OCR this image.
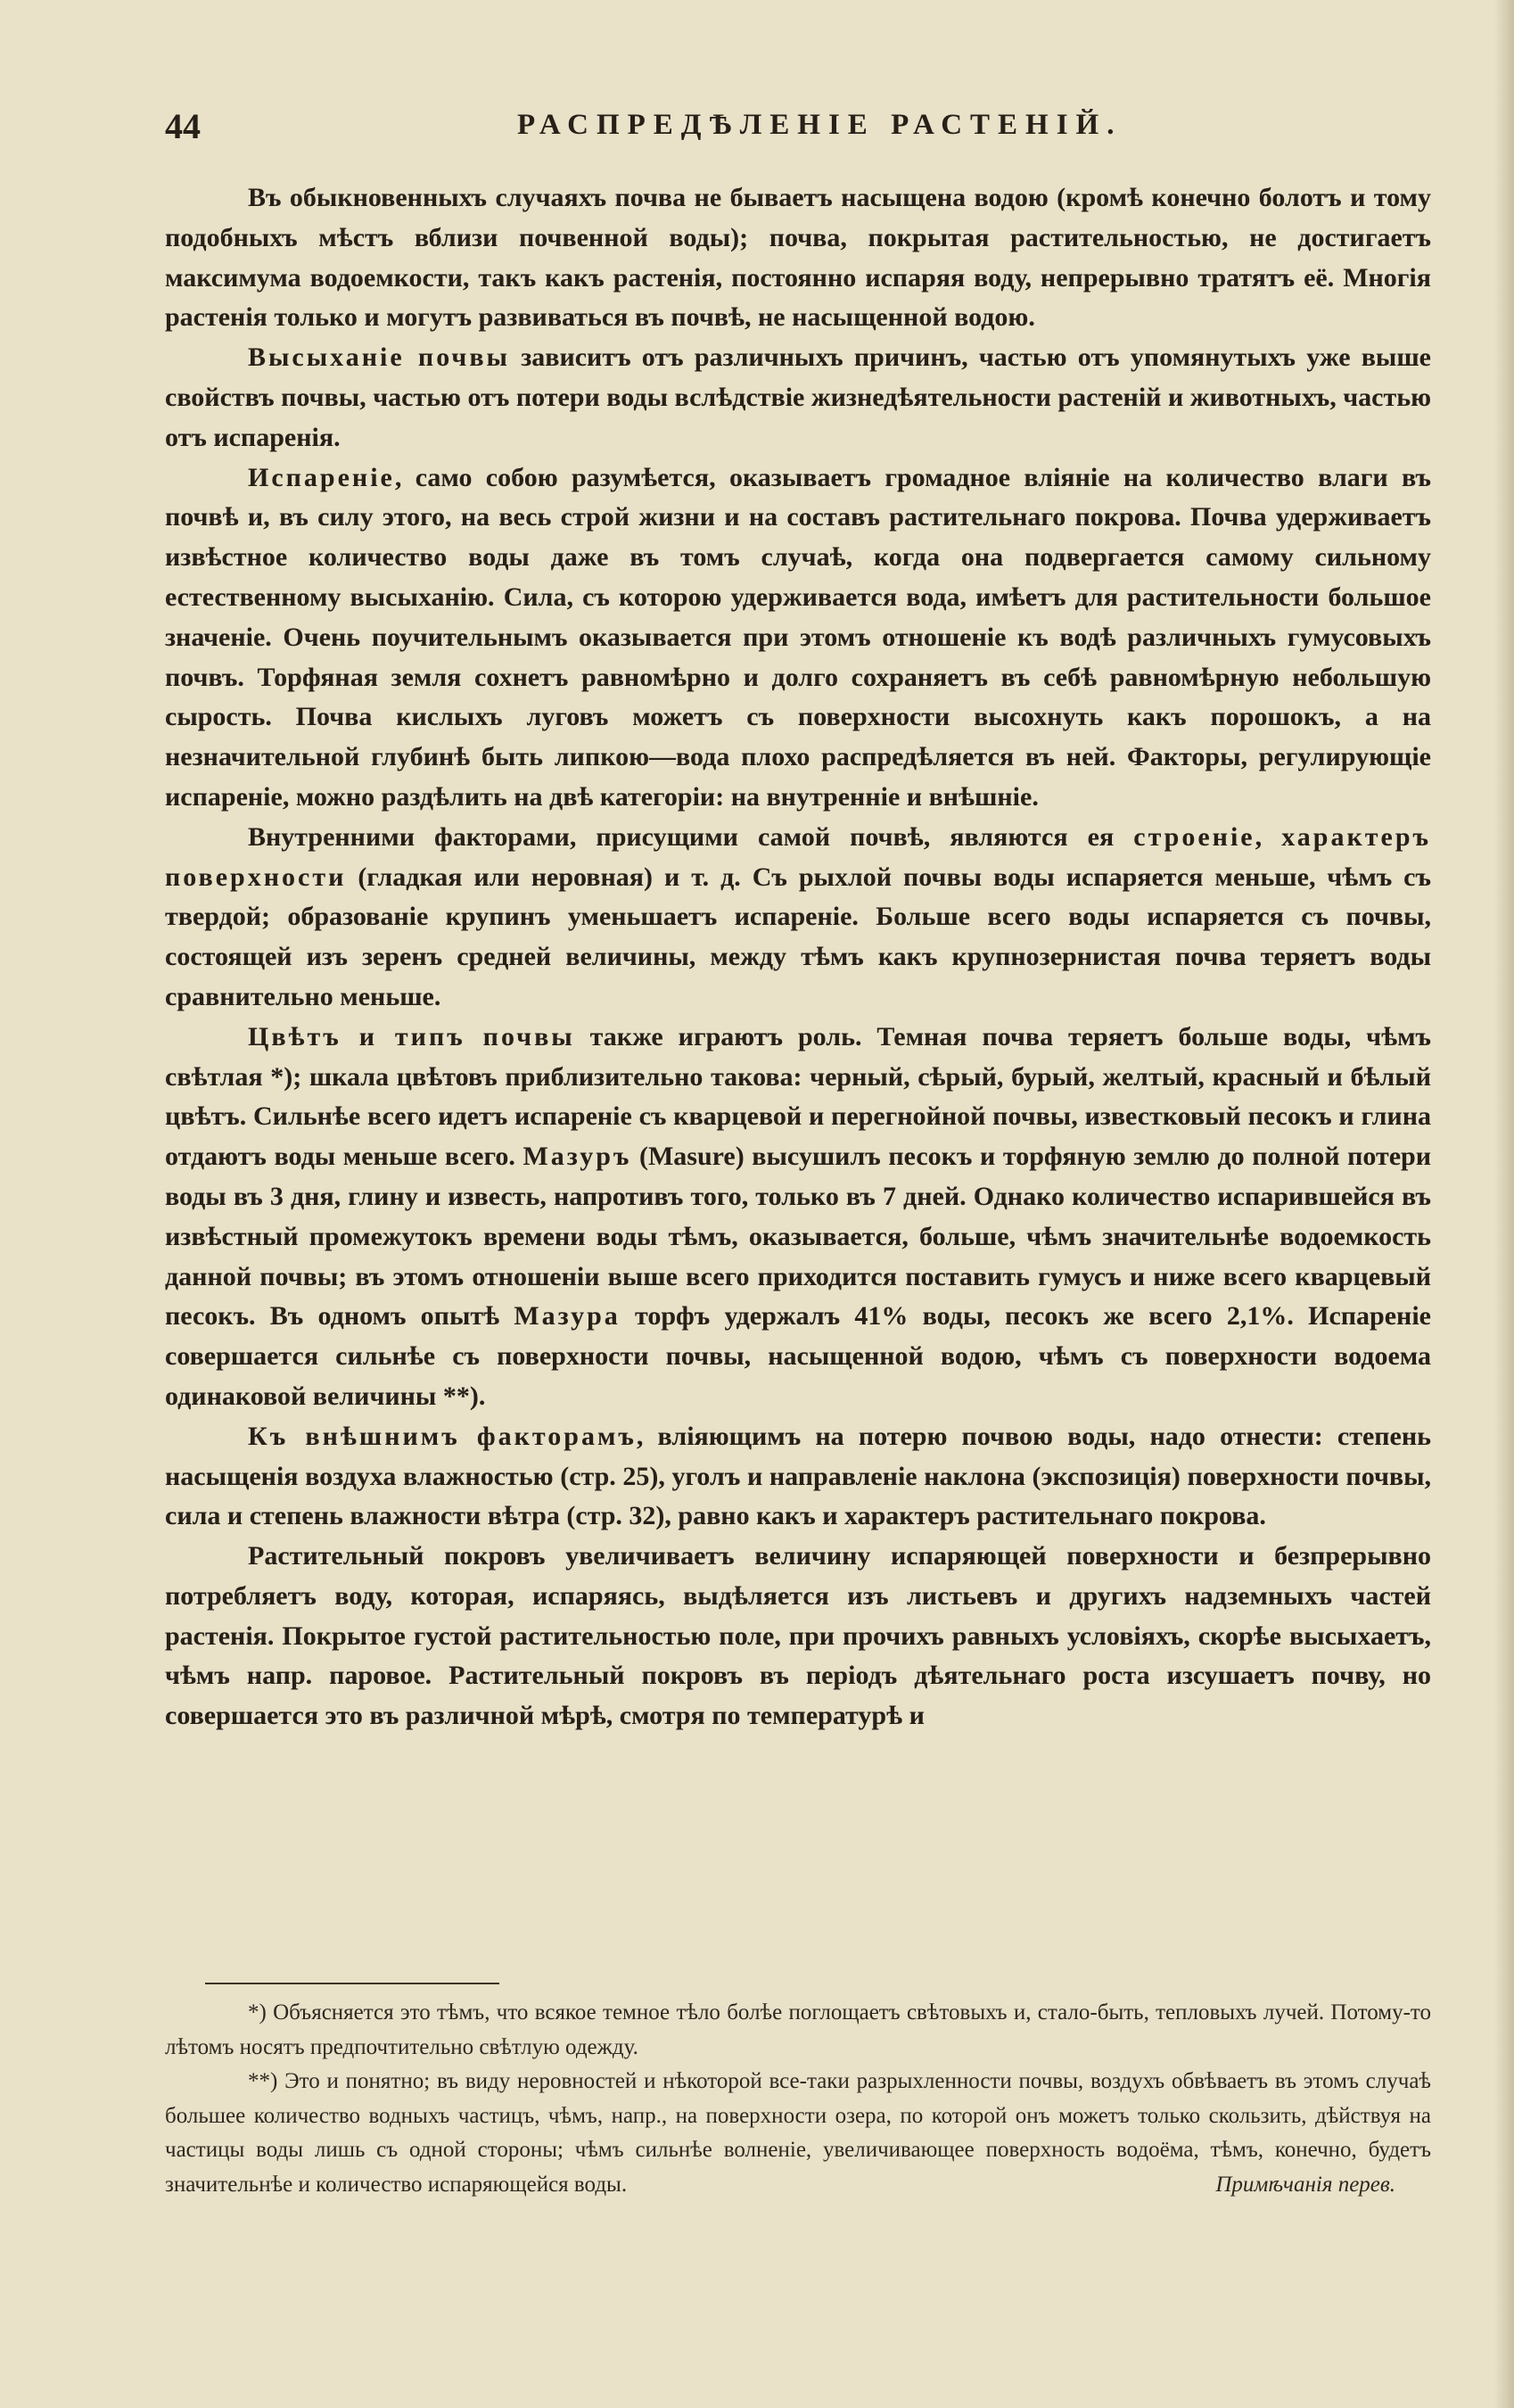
44	РАСПРЕДѢЛЕНІЕ РАСТЕНІЙ.

Въ обыкновенныхъ случаяхъ почва не бываетъ насыщена водою (кромѣ конечно болотъ и тому подобныхъ мѣстъ вблизи почвенной воды); почва, покрытая растительностью, не достигаетъ максимума водоемкости, такъ какъ растенія, постоянно испаряя воду, непрерывно тратятъ её. Многія растенія только и могутъ развиваться въ почвѣ, не насыщенной водою.

Высыханіе почвы зависитъ отъ различныхъ причинъ, частью отъ упомянутыхъ уже выше свойствъ почвы, частью отъ потери воды вслѣдствіе жизнедѣятельности растеній и животныхъ, частью отъ испаренія.

Испареніе, само собою разумѣется, оказываетъ громадное вліяніе на количество влаги въ почвѣ и, въ силу этого, на весь строй жизни и на составъ растительнаго покрова. Почва удерживаетъ извѣстное количество воды даже въ томъ случаѣ, когда она подвергается самому сильному естественному высыханію. Сила, съ которою удерживается вода, имѣетъ для растительности большое значеніе. Очень поучительнымъ оказывается при этомъ отношеніе къ водѣ различныхъ гумусовыхъ почвъ. Торфяная земля сохнетъ равномѣрно и долго сохраняетъ въ себѣ равномѣрную небольшую сырость. Почва кислыхъ луговъ можетъ съ поверхности высохнуть какъ порошокъ, а на незначительной глубинѣ быть липкою—вода плохо распредѣляется въ ней. Факторы, регулирующіе испареніе, можно раздѣлить на двѣ категоріи: на внутренніе и внѣшніе.

Внутренними факторами, присущими самой почвѣ, являются ея строеніе, характеръ поверхности (гладкая или неровная) и т. д. Съ рыхлой почвы воды испаряется меньше, чѣмъ съ твердой; образованіе крупинъ уменьшаетъ испареніе. Больше всего воды испаряется съ почвы, состоящей изъ зеренъ средней величины, между тѣмъ какъ крупнозернистая почва теряетъ воды сравнительно меньше.

Цвѣтъ и типъ почвы также играютъ роль. Темная почва теряетъ больше воды, чѣмъ свѣтлая *); шкала цвѣтовъ приблизительно такова: черный, сѣрый, бурый, желтый, красный и бѣлый цвѣтъ. Сильнѣе всего идетъ испареніе съ кварцевой и перегнойной почвы, известковый песокъ и глина отдаютъ воды меньше всего. Мазуръ (Masure) высушилъ песокъ и торфяную землю до полной потери воды въ 3 дня, глину и известь, напротивъ того, только въ 7 дней. Однако количество испарившейся въ извѣстный промежутокъ времени воды тѣмъ, оказывается, больше, чѣмъ значительнѣе водоемкость данной почвы; въ этомъ отношеніи выше всего приходится поставить гумусъ и ниже всего кварцевый песокъ. Въ одномъ опытѣ Мазура торфъ удержалъ 41% воды, песокъ же всего 2,1%. Испареніе совершается сильнѣе съ поверхности почвы, насыщенной водою, чѣмъ съ поверхности водоема одинаковой величины **).

Къ внѣшнимъ факторамъ, вліяющимъ на потерю почвою воды, надо отнести: степень насыщенія воздуха влажностью (стр. 25), уголъ и направленіе наклона (экспозиція) поверхности почвы, сила и степень влажности вѣтра (стр. 32), равно какъ и характеръ растительнаго покрова.

Растительный покровъ увеличиваетъ величину испаряющей поверхности и безпрерывно потребляетъ воду, которая, испаряясь, выдѣляется изъ листьевъ и другихъ надземныхъ частей растенія. Покрытое густой растительностью поле, при прочихъ равныхъ условіяхъ, скорѣе высыхаетъ, чѣмъ напр. паровое. Растительный покровъ въ періодъ дѣятельнаго роста изсушаетъ почву, но совершается это въ различной мѣрѣ, смотря по температурѣ и

*) Объясняется это тѣмъ, что всякое темное тѣло болѣе поглощаетъ свѣтовыхъ и, стало-быть, тепловыхъ лучей. Потому-то лѣтомъ носятъ предпочтительно свѣтлую одежду.

**) Это и понятно; въ виду неровностей и нѣкоторой все-таки разрыхленности почвы, воздухъ обвѣваетъ въ этомъ случаѣ большее количество водныхъ частицъ, чѣмъ, напр., на поверхности озера, по которой онъ можетъ только скользить, дѣйствуя на частицы воды лишь съ одной стороны; чѣмъ сильнѣе волненіе, увеличивающее поверхность водоёма, тѣмъ, конечно, будетъ значительнѣе и количество испаряющейся воды.	Примѣчанія перев.
